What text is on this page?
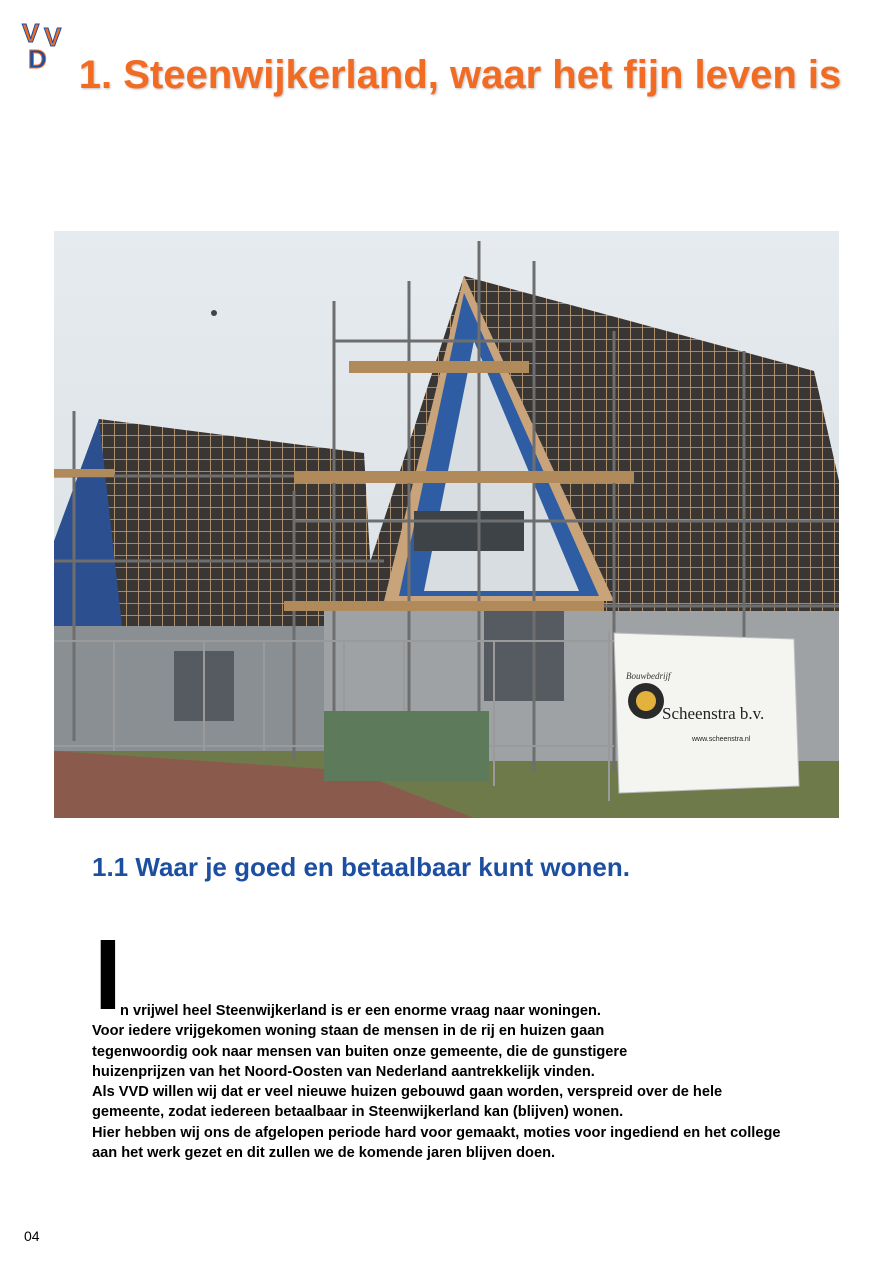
V V
D 1. Steenwijkerland, waar het fijn leven is
Bouwbedrijf
Scheenstra b.v.
www.scheenstra.nl
1.1 Waar je goed en betaalbaar kunt wonen.
I
n vrijwel heel Steenwijkerland is er een enorme vraag naar woningen.
Voor iedere vrijgekomen woning staan de mensen in de rij en huizen gaan
tegenwoordig ook naar mensen van buiten onze gemeente, die de gunstigere
huizenprijzen van het Noord-Oosten van Nederland aantrekkelijk vinden.
Als VVD willen wij dat er veel nieuwe huizen gebouwd gaan worden, verspreid over de hele
gemeente, zodat iedereen betaalbaar in Steenwijkerland kan (blijven) wonen.
Hier hebben wij ons de afgelopen periode hard voor gemaakt, moties voor ingediend en het college
aan het werk gezet en dit zullen we de komende jaren blijven doen.
04
